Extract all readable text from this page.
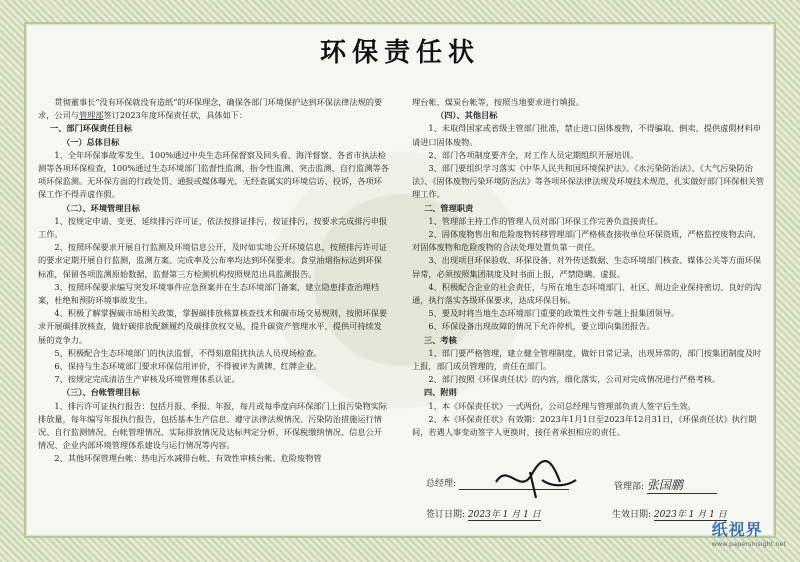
环保责任状

贯彻董事长“没有环保就没有造纸”的环保理念，确保各部门环境保护达到环保法律法规的要求，公司与管理部签订2023年度环保责任状，具体如下：

一、部门环保责任目标

（一）总体目标

1、全年环保事故零发生。100%通过中央生态环保督察及回头看、海洋督察、各省市执法检测等各项环保检查，100%通过生态环境部门监督性监测、指令性监测、突击监测、自行监测等各项环保监测。无环保方面的行政处罚、通报或媒体曝光，无经查属实的环境信访、投诉，各项环保工作不得弄虚作假。

（二）、环境管理目标

1、按规定申请、变更、延续排污许可证，依法按排证排污，按证排污，按要求完成排污申报工作。

2、按照环保要求开展自行监测及环境信息公开，及时如实地公开环境信息，按照排污许可证的要求定期开展自行监测，监测方案、完成率及公布率均达到环保要求。食堂油烟指标达到环保标准，保留各项监测原始数据，监督第三方检测机构按照规范出具监测报告。

3、按照环保要求编写突发环境事件应急预案并在生态环境部门备案，建立隐患排查治理档案，杜绝和预防环境事故发生。

4、积极了解掌握碳市场相关政策，掌握碳排放核算核查技术和碳市场交易规则，按照环保要求开展碳排放核查，做好碳排放配额履约及碳排放权交易，提升碳资产管理水平，提供可持续发展的竞争力。

5、积极配合生态环境部门的执法监督，不得刻意阻扰执法人员现场检查。

6、保持与生态环境部门要求环保信用评价，不得被评为黄牌、红牌企业。

7、按规定完成清洁生产审核及环境管理体系认证。

（三）、台帐管理目标

1、排污许可证执行报告：包括月报、季报、年报，每月或每季度向环保部门上报污染物实际排放量，每年编写年报执行报告，包括基本生产信息、遵守法律法规情况、污染防治措施运行情况、自行监测情况、台帐管理情况、实际排放情况及达标判定分析、环保税缴纳情况、信息公开情况、企业内部环境管理体系建设与运行情况等内容。

2、其他环保管理台帐：热电污水减排台帐、有效性审核台帐、危险废物管

理台帐、煤炭台帐等，按照当地要求进行填报。

（四）、其他目标

1、未取得国家或省级主管部门批准，禁止进口固体废物，不得骗取、倒卖、提供虚假材料申请进口固体废物。

2、部门各项制度要齐全，对工作人员定期组织开展培训。

3、部门要组织学习落实《中华人民共和国环境保护法》、《水污染防治法》、《大气污染防治法》、《固体废物污染环境防治法》等各项环保法律法规及环境技术规范，扎实做好部门环保相关管理工作。

二、管理职责

1、管理部主持工作的管理人员对部门环保工作完善负直接责任。

2、固体废物售出和危险废物转移管理部门严格核查接收单位环保资质，严格监控废物去向，对固体废物和危险废物的合法处理处置负第一责任。

3、出现项目环保验收、环保设备、对外传送数据、生态环境部门核查、媒体公关等方面环保异常，必须按照集团制度及时书面上报，严禁隐瞒、虚报。

4、积极配合企业的社会责任，与所在地生态环境部门、社区、周边企业保持密切、良好的沟通，执行落实各级环保要求，达成环保目标。

5、要及时将当地生态环境部门重要的政策性文件专题上报集团领导。

6、环保设备出现故障的情况下允许停机，要立即向集团报告。

三、考核

1、部门要严格管理，建立健全管理制度，做好日常记录，出现异常的，部门按集团制度及时上报，部门成员管理的，责任在部门。

2、部门按照《环保责任状》的内容，细化落实，公司对完成情况进行严格考核。

四、附则

1、本《环保责任状》一式两份，公司总经理与管理部负责人签字后生效。

2、本《环保责任状》有效期：2023年1月1日至2023年12月31日，《环保责任状》执行期间，若遇人事变动签字人更换时，接任者承担相应的责任。

总经理:	管理部: 张国鹏
签订日期: 2023年 1 月 1 日	生效日期: 2023年 1 月 1 日
纸视界
www.papersinsight.net
